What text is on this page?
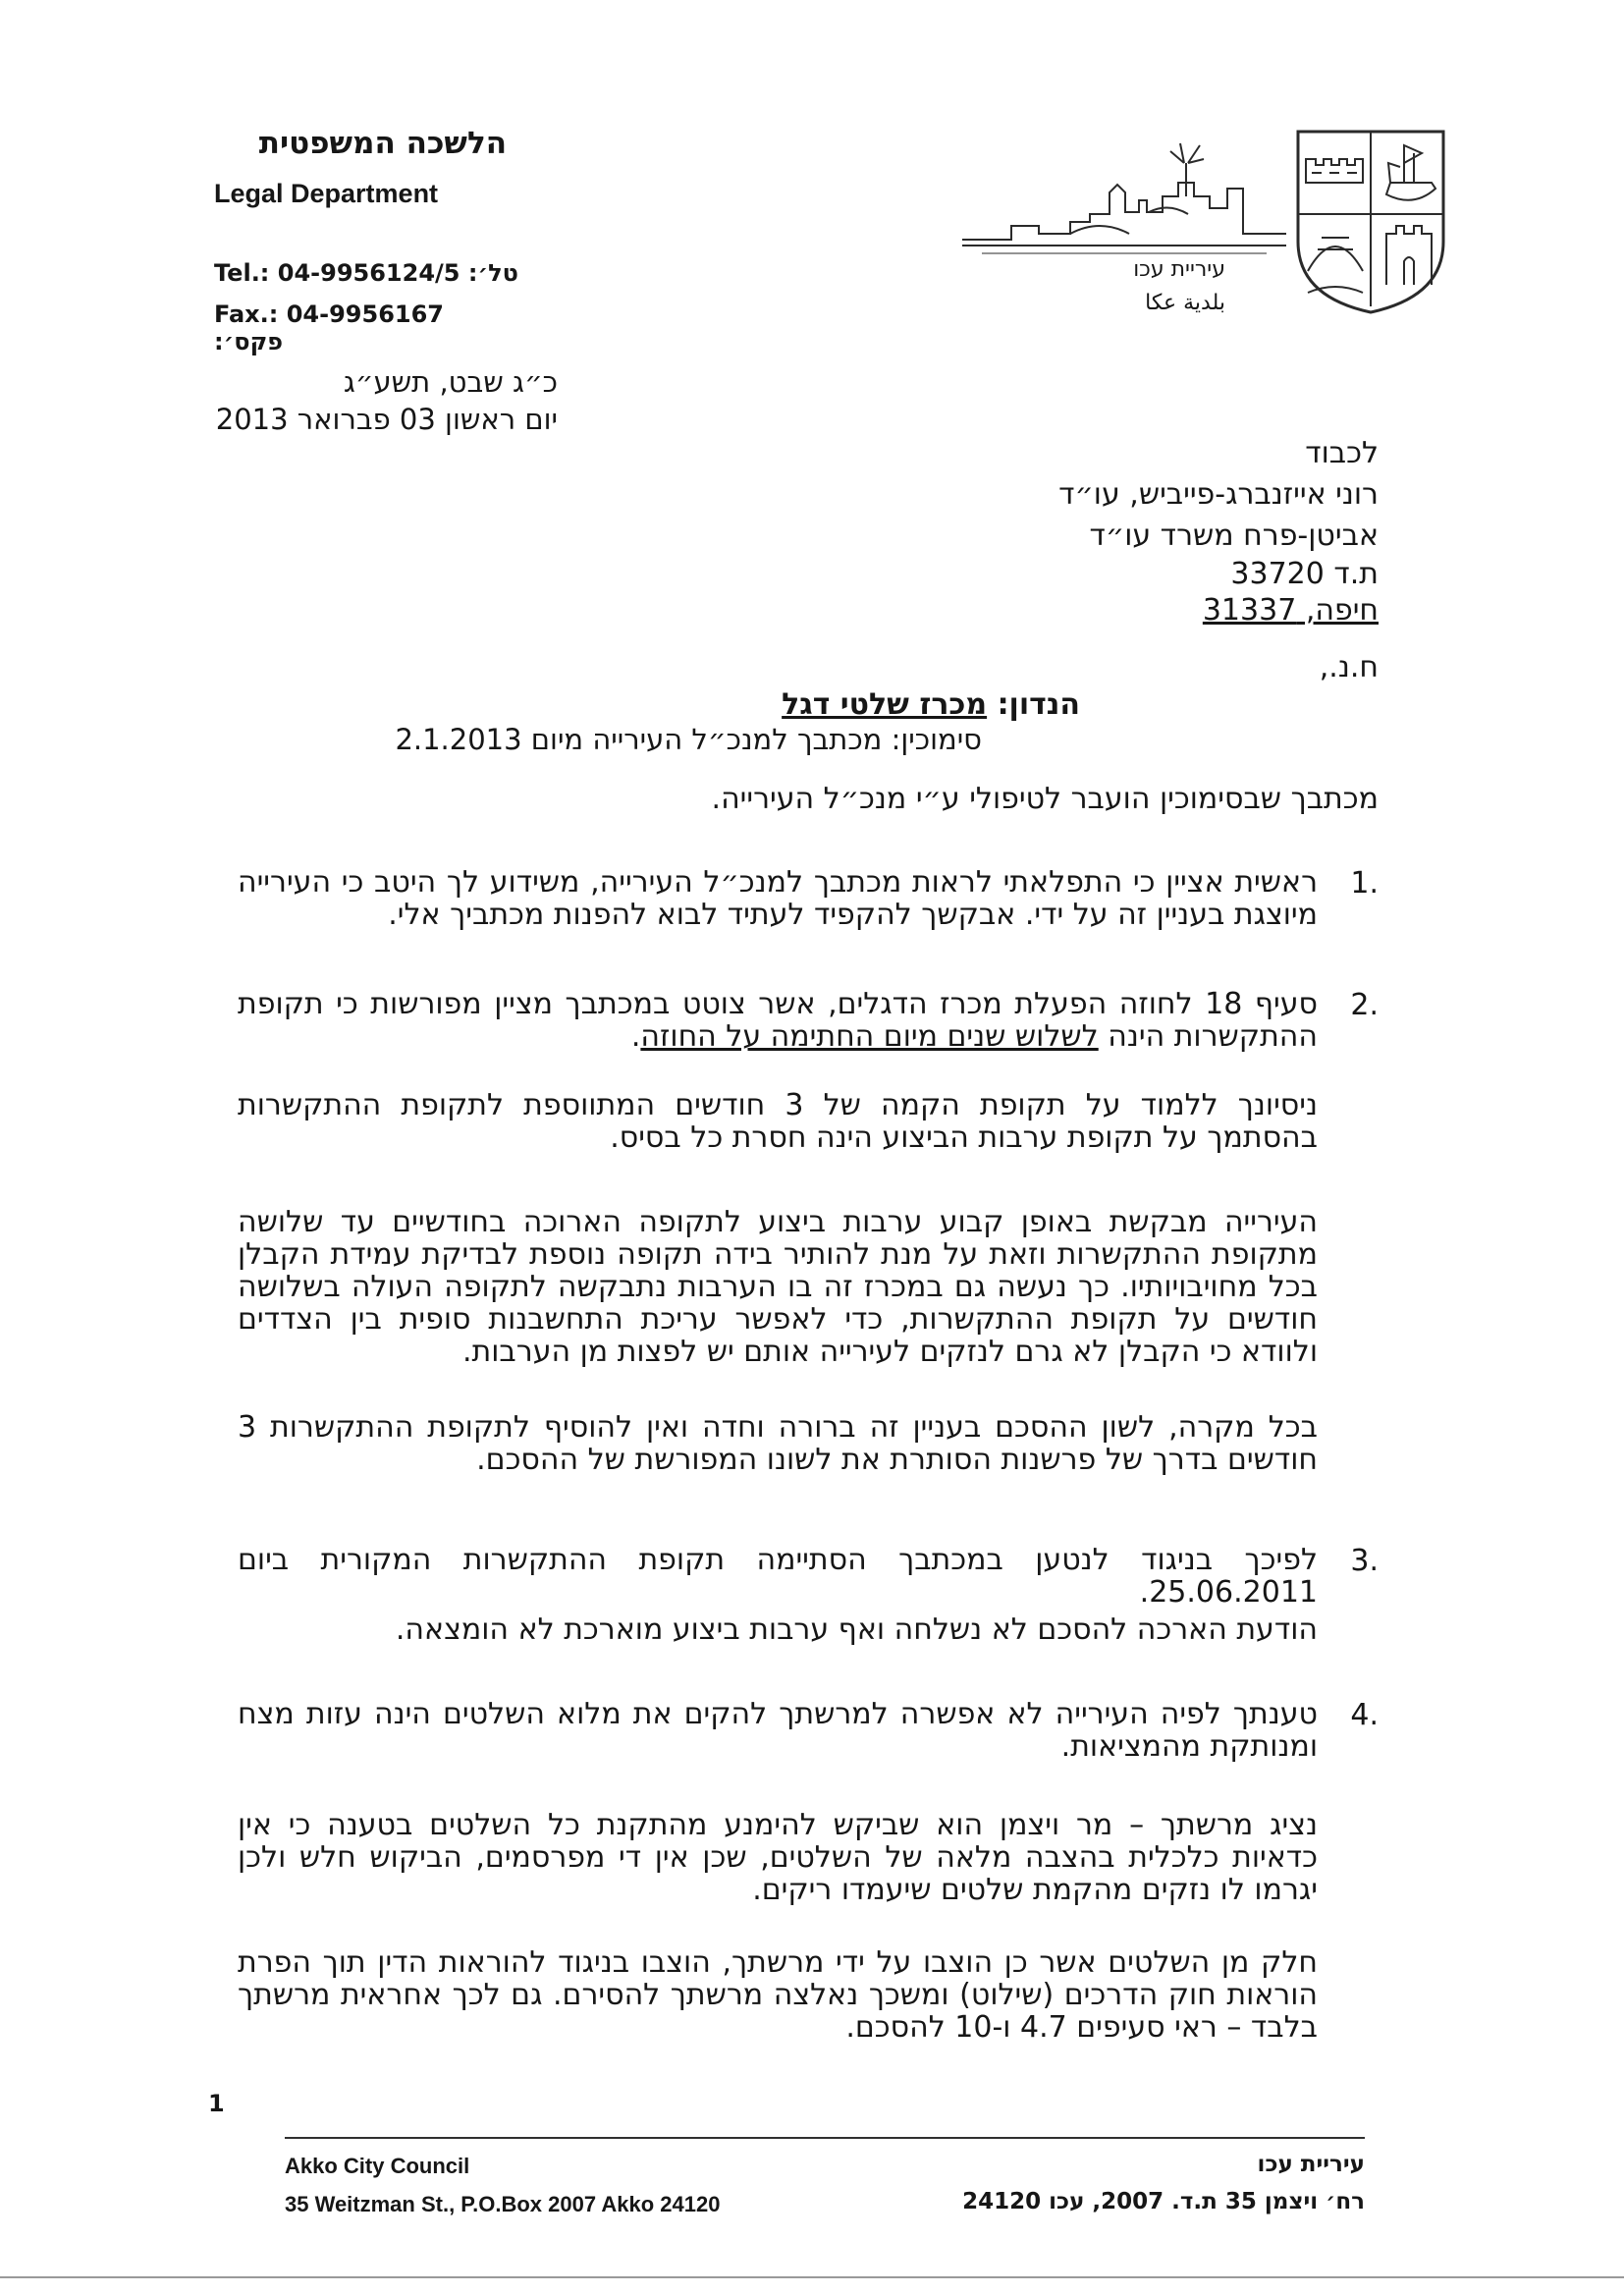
הלשכה המשפטית
Legal Department
Tel.: 04-9956124/5 :טל׳
Fax.: 04-9956167 :פקס׳
כ״ג שבט, תשע״ג
יום ראשון 03 פברואר 2013
עיריית עכו
بلدية عكا
לכבוד
רוני אייזנברג-פייביש, עו״ד
אביטן-פרח משרד עו״ד
ת.ד 33720
חיפה, 31337
ח.נ.,
הנדון: מכרז שלטי דגל
סימוכין: מכתבך למנכ״ל העירייה מיום 2.1.2013
מכתבך שבסימוכין הועבר לטיפולי ע״י מנכ״ל העירייה.
1.
ראשית אציין כי התפלאתי לראות מכתבך למנכ״ל העירייה, משידוע לך היטב כי העירייה מיוצגת בעניין זה על ידי. אבקשך להקפיד לעתיד לבוא להפנות מכתביך אלי.
2.
סעיף 18 לחוזה הפעלת מכרז הדגלים, אשר צוטט במכתבך מציין מפורשות כי תקופת ההתקשרות הינה לשלוש שנים מיום החתימה על החוזה.
ניסיונך ללמוד על תקופת הקמה של 3 חודשים המתווספת לתקופת ההתקשרות בהסתמך על תקופת ערבות הביצוע הינה חסרת כל בסיס.
העירייה מבקשת באופן קבוע ערבות ביצוע לתקופה הארוכה בחודשיים עד שלושה מתקופת ההתקשרות וזאת על מנת להותיר בידה תקופה נוספת לבדיקת עמידת הקבלן בכל מחויבויותיו. כך נעשה גם במכרז זה בו הערבות נתבקשה לתקופה העולה בשלושה חודשים על תקופת ההתקשרות, כדי לאפשר עריכת התחשבנות סופית בין הצדדים ולוודא כי הקבלן לא גרם לנזקים לעירייה אותם יש לפצות מן הערבות.
בכל מקרה, לשון ההסכם בעניין זה ברורה וחדה ואין להוסיף לתקופת ההתקשרות 3 חודשים בדרך של פרשנות הסותרת את לשונו המפורשת של ההסכם.
3.
לפיכך בניגוד לנטען במכתבך הסתיימה תקופת ההתקשרות המקורית ביום 25.06.2011.
הודעת הארכה להסכם לא נשלחה ואף ערבות ביצוע מוארכת לא הומצאה.
4.
טענתך לפיה העירייה לא אפשרה למרשתך להקים את מלוא השלטים הינה עזות מצח ומנותקת מהמציאות.
נציג מרשתך – מר ויצמן הוא שביקש להימנע מהתקנת כל השלטים בטענה כי אין כדאיות כלכלית בהצבה מלאה של השלטים, שכן אין די מפרסמים, הביקוש חלש ולכן יגרמו לו נזקים מהקמת שלטים שיעמדו ריקים.
חלק מן השלטים אשר כן הוצבו על ידי מרשתך, הוצבו בניגוד להוראות הדין תוך הפרת הוראות חוק הדרכים (שילוט) ומשכך נאלצה מרשתך להסירם. גם לכך אחראית מרשתך בלבד – ראי סעיפים 4.7 ו-10 להסכם.
1
Akko City Council
35 Weitzman St., P.O.Box 2007 Akko 24120
עיריית עכו
רח׳ ויצמן 35 ת.ד. 2007, עכו 24120
